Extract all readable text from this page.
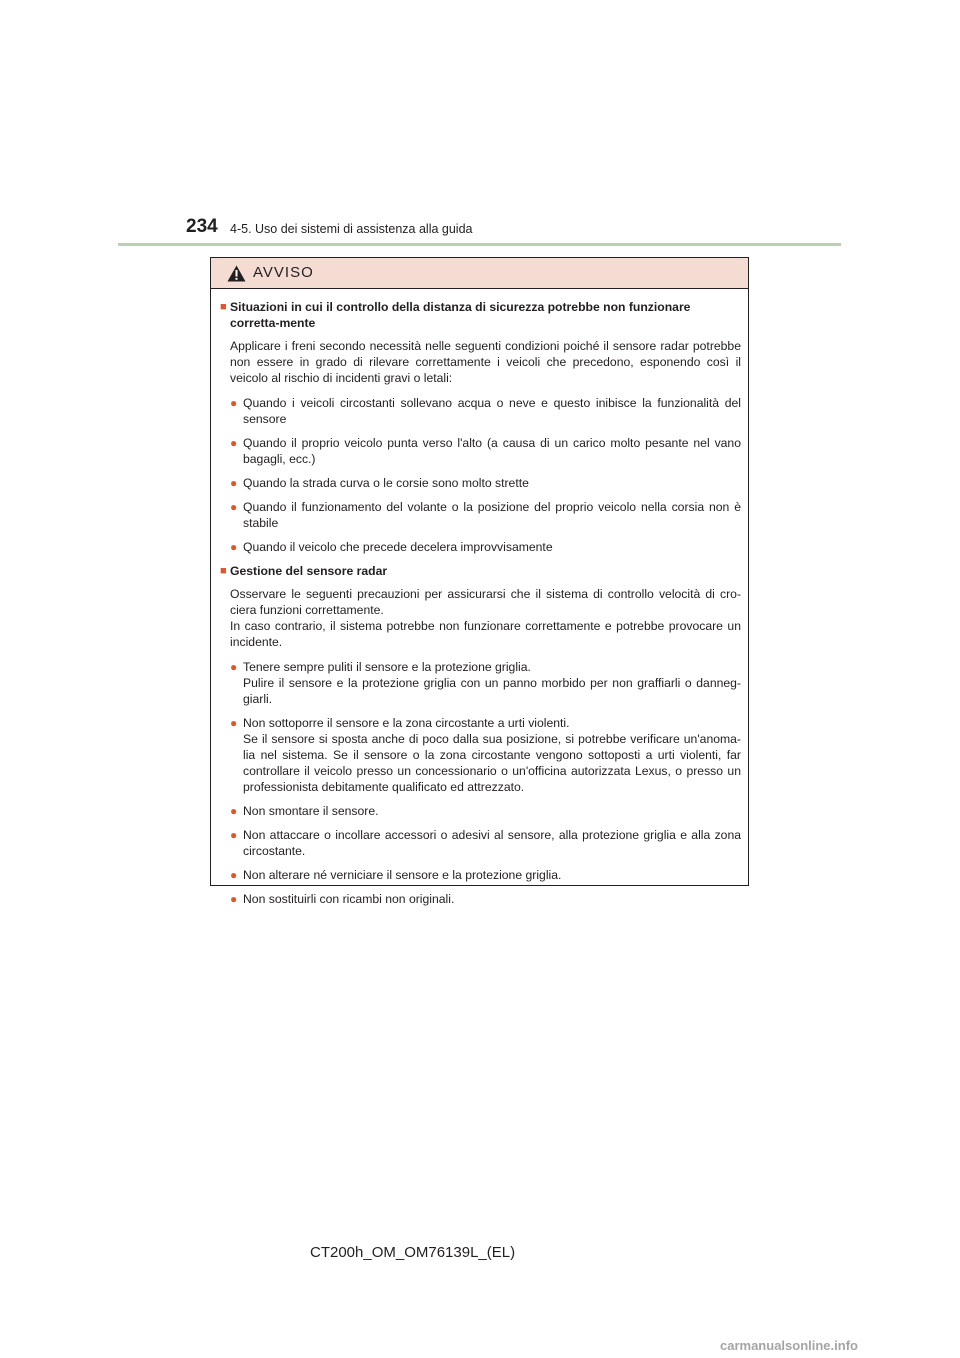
234 4-5. Uso dei sistemi di assistenza alla guida
AVVISO
■ Situazioni in cui il controllo della distanza di sicurezza potrebbe non funzionare corretta-mente
Applicare i freni secondo necessità nelle seguenti condizioni poiché il sensore radar potrebbe non essere in grado di rilevare correttamente i veicoli che precedono, esponendo così il veicolo al rischio di incidenti gravi o letali:
● Quando i veicoli circostanti sollevano acqua o neve e questo inibisce la funzionalità del sensore
● Quando il proprio veicolo punta verso l'alto (a causa di un carico molto pesante nel vano bagagli, ecc.)
● Quando la strada curva o le corsie sono molto strette
● Quando il funzionamento del volante o la posizione del proprio veicolo nella corsia non è stabile
● Quando il veicolo che precede decelera improvvisamente
■ Gestione del sensore radar
Osservare le seguenti precauzioni per assicurarsi che il sistema di controllo velocità di cro-ciera funzioni correttamente.
In caso contrario, il sistema potrebbe non funzionare correttamente e potrebbe provocare un incidente.
● Tenere sempre puliti il sensore e la protezione griglia.
Pulire il sensore e la protezione griglia con un panno morbido per non graffiarli o danneg-giarli.
● Non sottoporre il sensore e la zona circostante a urti violenti.
Se il sensore si sposta anche di poco dalla sua posizione, si potrebbe verificare un'anoma-lia nel sistema. Se il sensore o la zona circostante vengono sottoposti a urti violenti, far controllare il veicolo presso un concessionario o un'officina autorizzata Lexus, o presso un professionista debitamente qualificato ed attrezzato.
● Non smontare il sensore.
● Non attaccare o incollare accessori o adesivi al sensore, alla protezione griglia e alla zona circostante.
● Non alterare né verniciare il sensore e la protezione griglia.
● Non sostituirli con ricambi non originali.
CT200h_OM_OM76139L_(EL)
carmanualsonline.info
